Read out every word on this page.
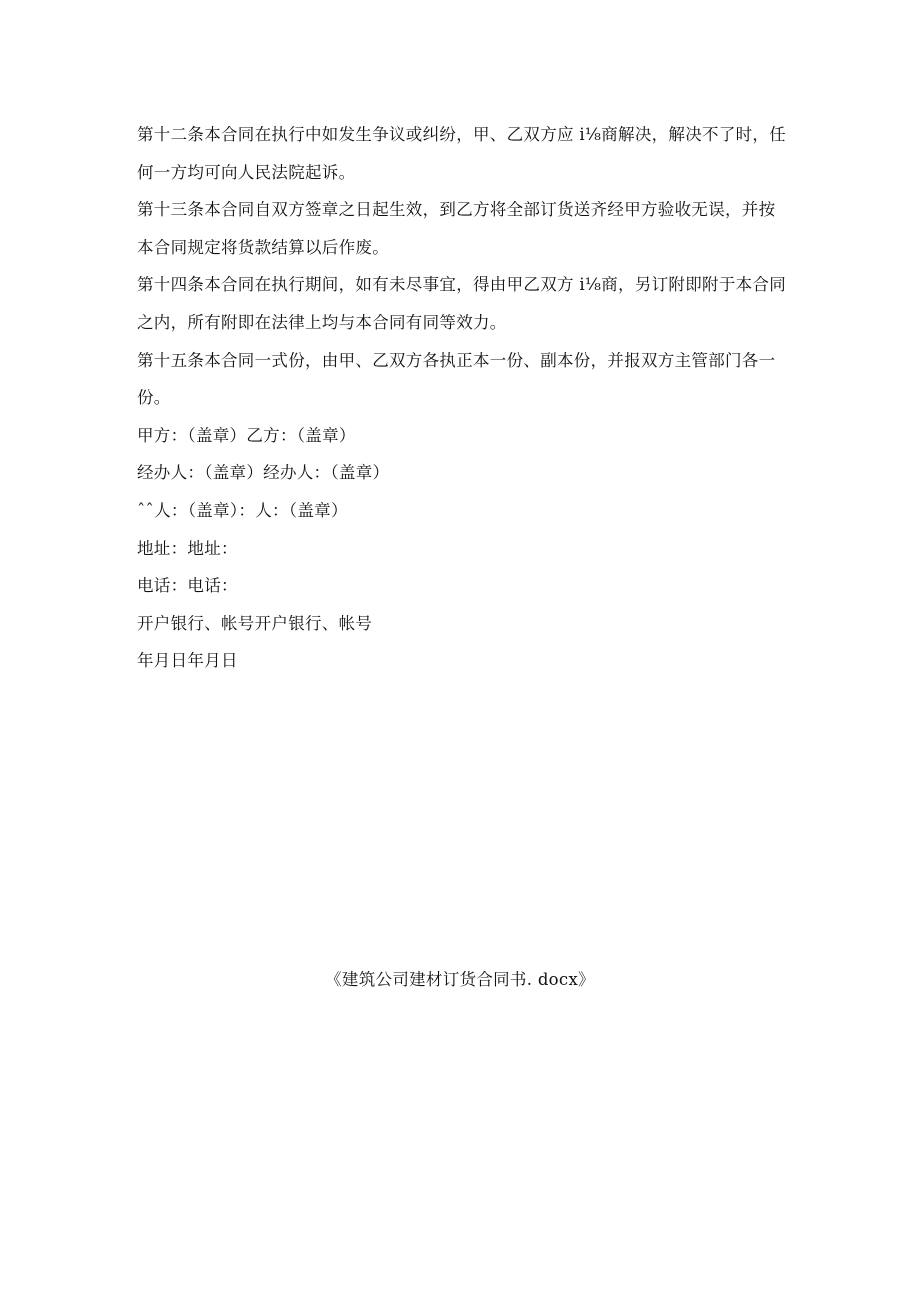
第十二条本合同在执行中如发生争议或纠纷，甲、乙双方应 i⅛商解决，解决不了时，任何一方均可向人民法院起诉。

第十三条本合同自双方签章之日起生效，到乙方将全部订货送齐经甲方验收无误，并按本合同规定将货款结算以后作废。

第十四条本合同在执行期间，如有未尽事宜，得由甲乙双方 i⅛商，另订附即附于本合同之内，所有附即在法律上均与本合同有同等效力。

第十五条本合同一式份，由甲、乙双方各执正本一份、副本份，并报双方主管部门各一份。

甲方：（盖章）乙方：（盖章）

经办人：（盖章）经办人：（盖章）

ˆˆ人：（盖章）：人：（盖章）

地址：地址：

电话：电话：

开户银行、帐号开户银行、帐号

年月日年月日

《建筑公司建材订货合同书. docx》
